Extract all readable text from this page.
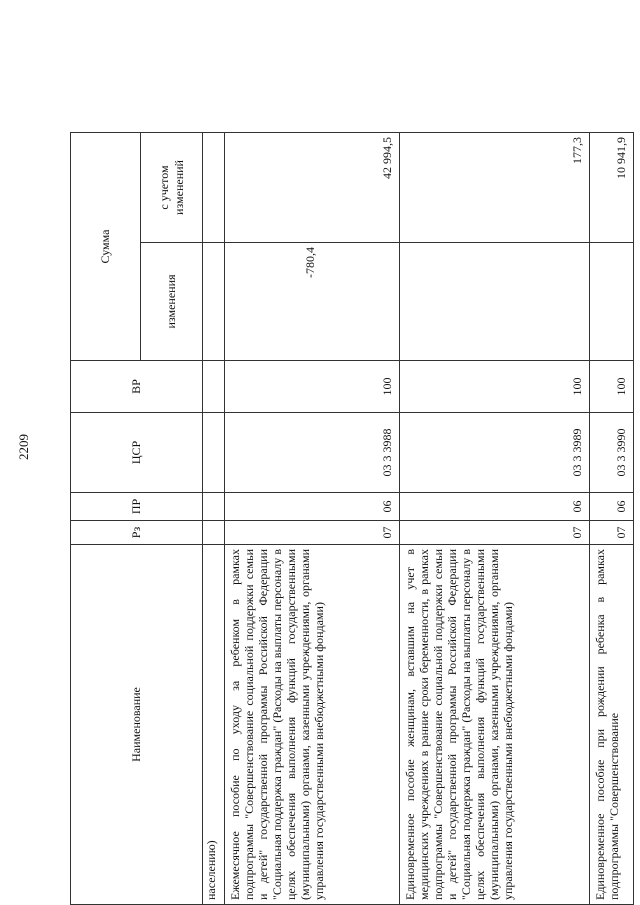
2209
Наименование	Рз	ПР	ЦСР	ВР	Сумма	
					изменения	с учетом изменений
населению)						
Ежемесячное пособие по уходу за ребенком в рамках подпрограммы "Совершенствование социальной поддержки семьи и детей" государственной программы Российской Федерации "Социальная поддержка граждан" (Расходы на выплаты персоналу в целях обеспечения выполнения функций государственными (муниципальными) органами, казенными учреждениями, органами управления государственными внебюджетными фондами)	07	06	03 3 3988	100	-780,4	42 994,5
Единовременное пособие женщинам, вставшим на учет в медицинских учреждениях в ранние сроки беременности, в рамках подпрограммы "Совершенствование социальной поддержки семьи и детей" государственной программы Российской Федерации "Социальная поддержка граждан" (Расходы на выплаты персоналу в целях обеспечения выполнения функций государственными (муниципальными) органами, казенными учреждениями, органами управления государственными внебюджетными фондами)	07	06	03 3 3989	100		177,3
Единовременное пособие при рождении ребенка в рамках подпрограммы "Совершенствование	07	06	03 3 3990	100		10 941,9
